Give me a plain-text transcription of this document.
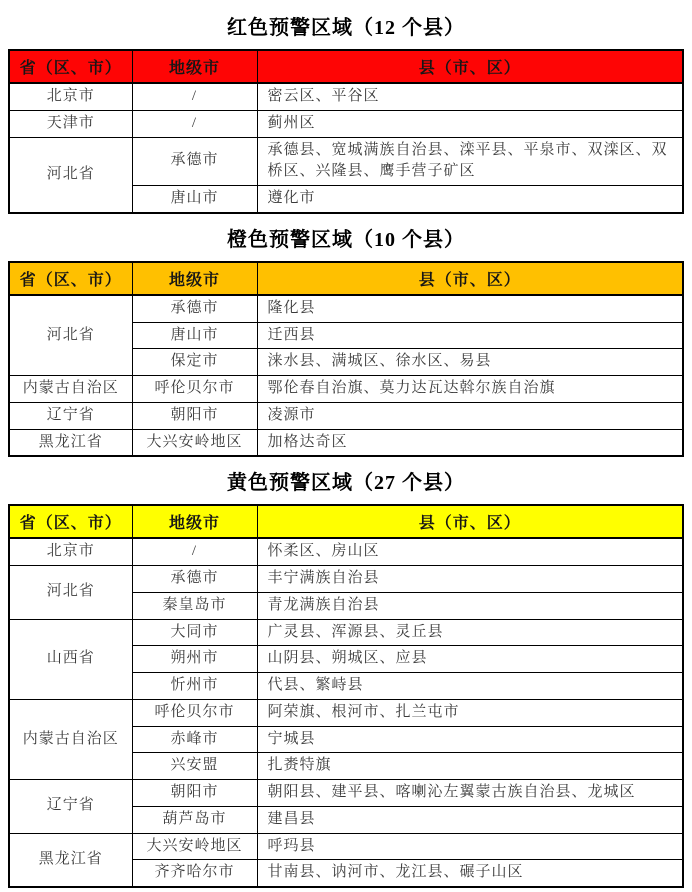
红色预警区域（12 个县）
省（区、市）	地级市	县（市、区）
北京市	/	密云区、平谷区
天津市	/	蓟州区
河北省	承德市	承德县、宽城满族自治县、滦平县、平泉市、双滦区、双桥区、兴隆县、鹰手营子矿区
	唐山市	遵化市
橙色预警区域（10 个县）
省（区、市）	地级市	县（市、区）
河北省	承德市	隆化县
	唐山市	迁西县
	保定市	涞水县、满城区、徐水区、易县
内蒙古自治区	呼伦贝尔市	鄂伦春自治旗、莫力达瓦达斡尔族自治旗
辽宁省	朝阳市	凌源市
黑龙江省	大兴安岭地区	加格达奇区
黄色预警区域（27 个县）
省（区、市）	地级市	县（市、区）
北京市	/	怀柔区、房山区
河北省	承德市	丰宁满族自治县
	秦皇岛市	青龙满族自治县
山西省	大同市	广灵县、浑源县、灵丘县
	朔州市	山阴县、朔城区、应县
	忻州市	代县、繁峙县
内蒙古自治区	呼伦贝尔市	阿荣旗、根河市、扎兰屯市
	赤峰市	宁城县
	兴安盟	扎赉特旗
辽宁省	朝阳市	朝阳县、建平县、喀喇沁左翼蒙古族自治县、龙城区
	葫芦岛市	建昌县
黑龙江省	大兴安岭地区	呼玛县
	齐齐哈尔市	甘南县、讷河市、龙江县、碾子山区
